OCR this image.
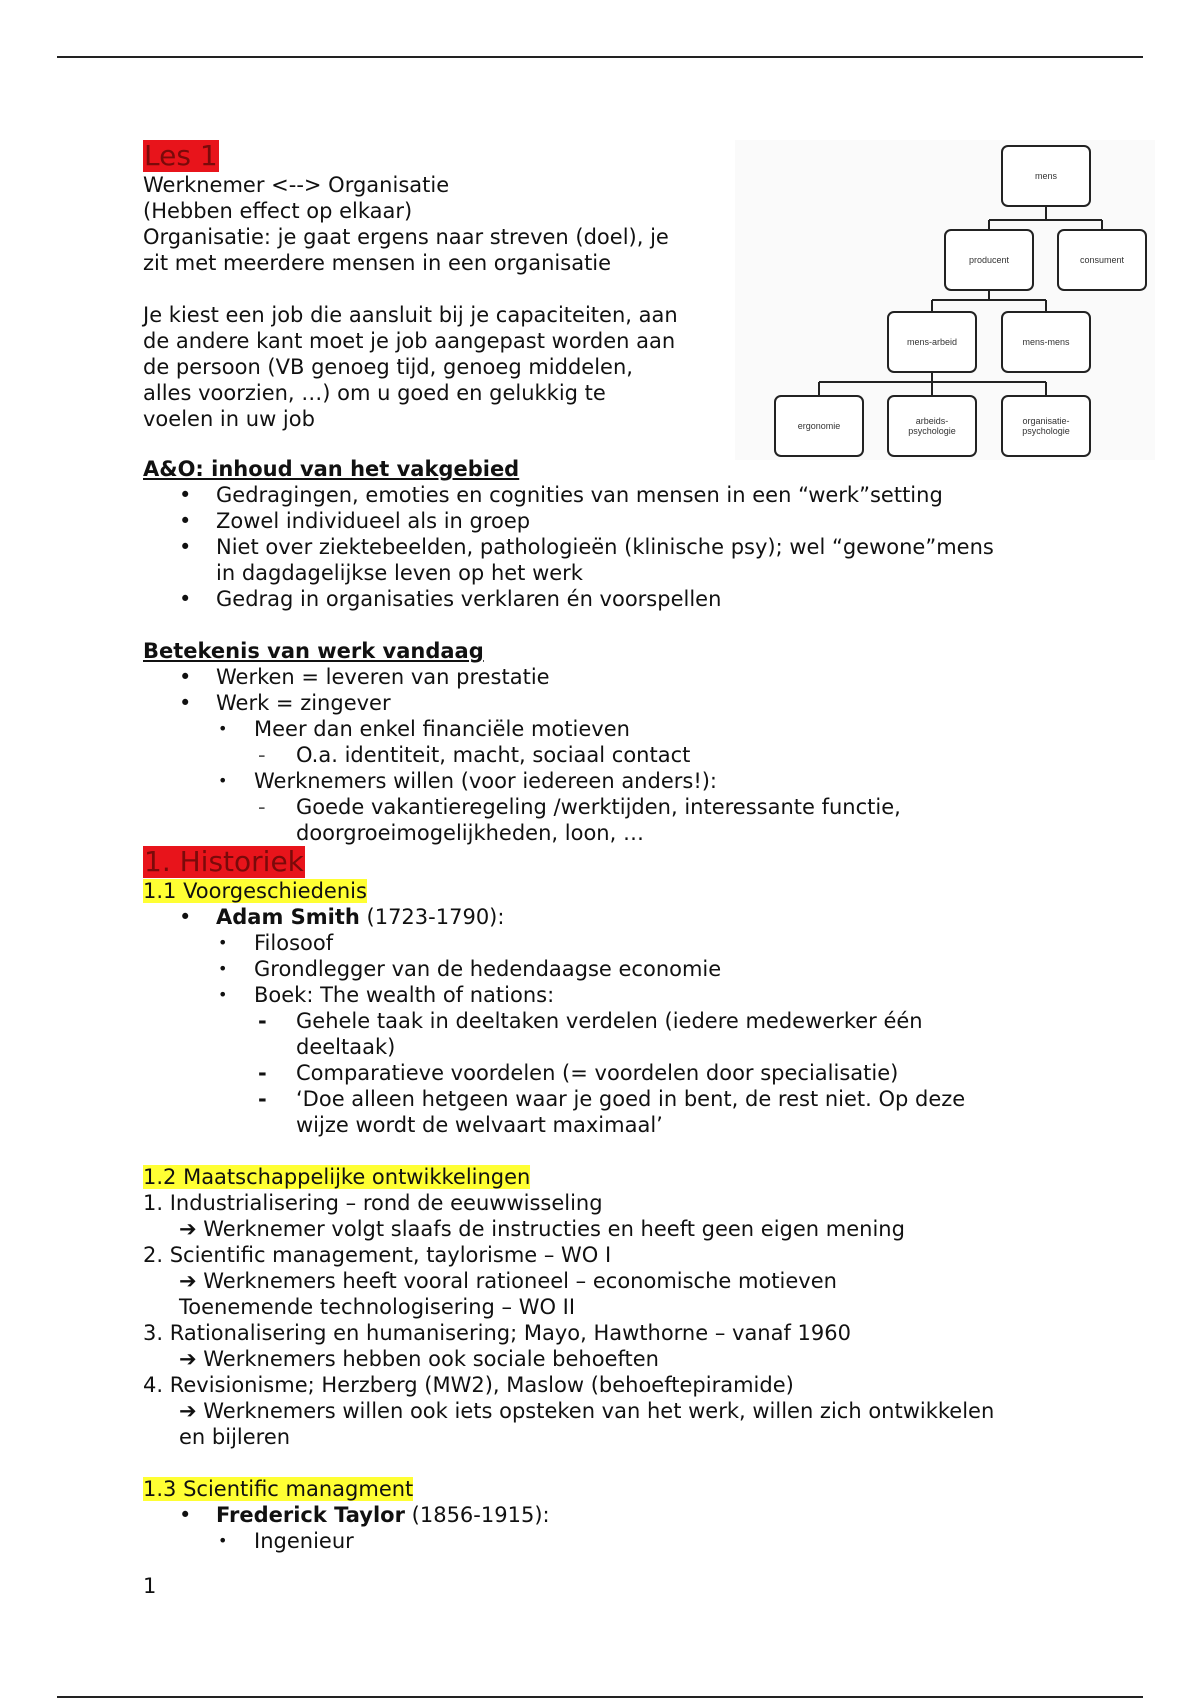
mens
producent	consument
mens-arbeid	mens-mens
ergonomie	arbeids-
psychologie
organisatie-
psychologie
Les 1
Werknemer <--> Organisatie
(Hebben effect op elkaar)
Organisatie: je gaat ergens naar streven (doel), je
zit met meerdere mensen in een organisatie
Je kiest een job die aansluit bij je capaciteiten, aan
de andere kant moet je job aangepast worden aan
de persoon (VB genoeg tijd, genoeg middelen,
alles voorzien, …) om u goed en gelukkig te
voelen in uw job
A&O: inhoud van het vakgebied
• Gedragingen, emoties en cognities van mensen in een “werk”setting
• Zowel individueel als in groep
• Niet over ziektebeelden, pathologieën (klinische psy); wel “gewone”mens
in dagdagelijkse leven op het werk
• Gedrag in organisaties verklaren én voorspellen
Betekenis van werk vandaag
• Werken = leveren van prestatie
• Werk = zingever
• Meer dan enkel financiële motieven
- O.a. identiteit, macht, sociaal contact
• Werknemers willen (voor iedereen anders!):
- Goede vakantieregeling /werktijden, interessante functie,
doorgroeimogelijkheden, loon, …
1. Historiek
1.1 Voorgeschiedenis
• Adam Smith (1723-1790):
• Filosoof
• Grondlegger van de hedendaagse economie
• Boek: The wealth of nations:
- Gehele taak in deeltaken verdelen (iedere medewerker één
deeltaak)
- Comparatieve voordelen (= voordelen door specialisatie)
- ‘Doe alleen hetgeen waar je goed in bent, de rest niet. Op deze
wijze wordt de welvaart maximaal’
1.2 Maatschappelijke ontwikkelingen
1. Industrialisering – rond de eeuwwisseling
➔ Werknemer volgt slaafs de instructies en heeft geen eigen mening
2. Scientific management, taylorisme – WO I
➔ Werknemers heeft vooral rationeel – economische motieven
Toenemende technologisering – WO II
3. Rationalisering en humanisering; Mayo, Hawthorne – vanaf 1960
➔ Werknemers hebben ook sociale behoeften
4. Revisionisme; Herzberg (MW2), Maslow (behoeftepiramide)
➔ Werknemers willen ook iets opsteken van het werk, willen zich ontwikkelen
en bijleren
1.3 Scientific managment
• Frederick Taylor (1856-1915):
• Ingenieur
1
